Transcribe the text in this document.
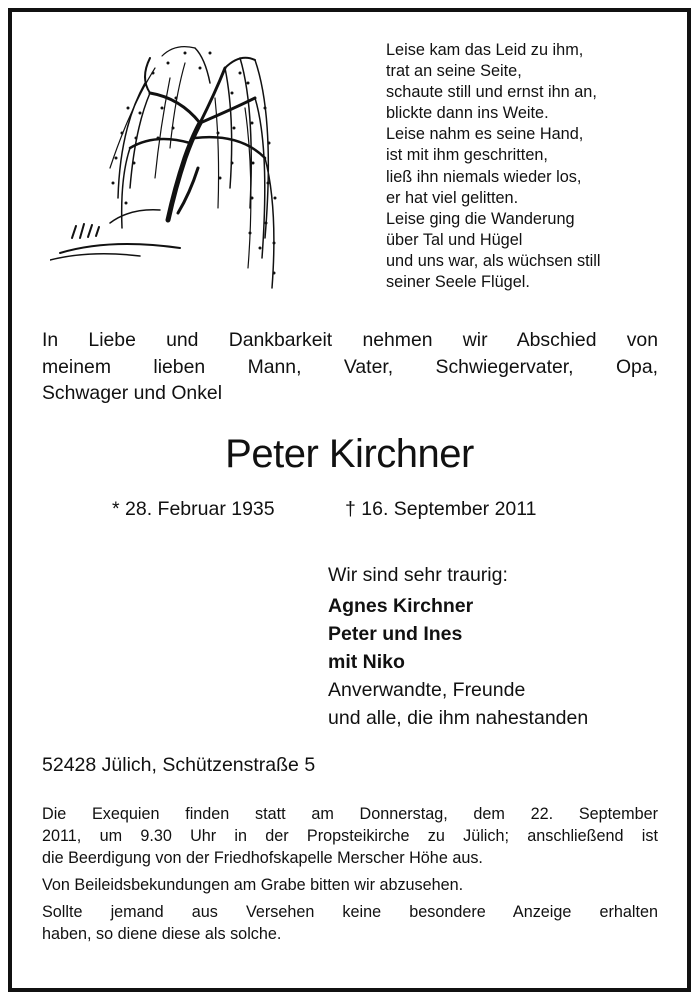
Leise kam das Leid zu ihm,
trat an seine Seite,
schaute still und ernst ihn an,
blickte dann ins Weite.
Leise nahm es seine Hand,
ist mit ihm geschritten,
ließ ihn niemals wieder los,
er hat viel gelitten.
Leise ging die Wanderung
über Tal und Hügel
und uns war, als wüchsen still
seiner Seele Flügel.
In Liebe und Dankbarkeit nehmen wir Abschied von
meinem lieben Mann, Vater, Schwiegervater, Opa,
Schwager und Onkel
Peter Kirchner
* 28. Februar 1935	† 16. September 2011
Wir sind sehr traurig:
Agnes Kirchner
Peter und Ines
mit Niko
Anverwandte, Freunde
und alle, die ihm nahestanden
52428 Jülich, Schützenstraße 5

Die Exequien finden statt am Donnerstag, dem 22. September
2011, um 9.30 Uhr in der Propsteikirche zu Jülich; anschließend ist
die Beerdigung von der Friedhofskapelle Merscher Höhe aus.

Von Beileidsbekundungen am Grabe bitten wir abzusehen.

Sollte jemand aus Versehen keine besondere Anzeige erhalten
haben, so diene diese als solche.
